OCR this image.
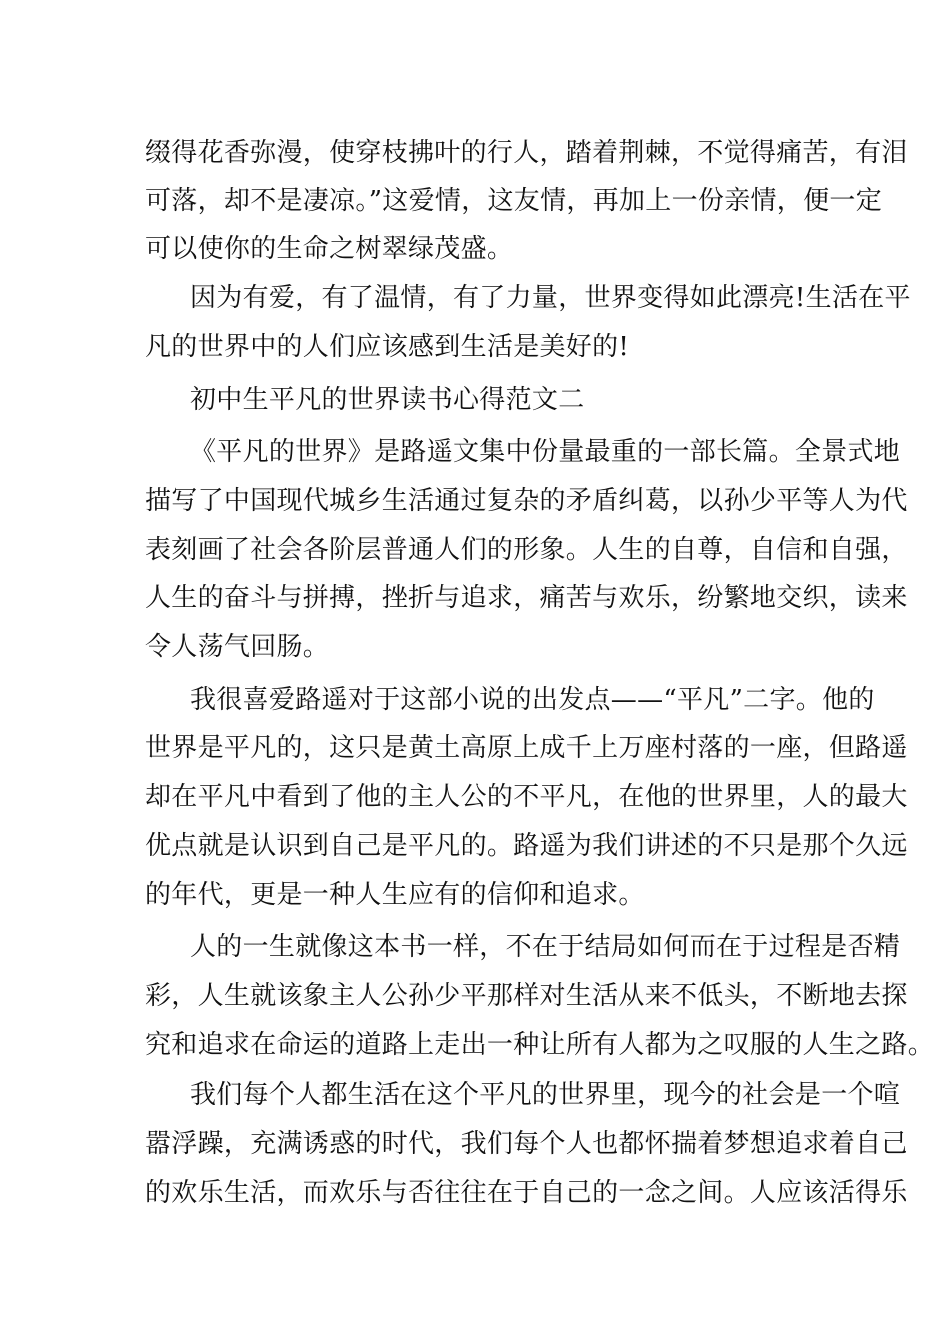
缀得花香弥漫，使穿枝拂叶的行人，踏着荆棘，不觉得痛苦，有泪
可落，却不是凄凉。”这爱情，这友情，再加上一份亲情，便一定
可以使你的生命之树翠绿茂盛。
因为有爱，有了温情，有了力量，世界变得如此漂亮!生活在平
凡的世界中的人们应该感到生活是美好的!
初中生平凡的世界读书心得范文二
《平凡的世界》是路遥文集中份量最重的一部长篇。全景式地
描写了中国现代城乡生活通过复杂的矛盾纠葛，以孙少平等人为代
表刻画了社会各阶层普通人们的形象。人生的自尊，自信和自强，
人生的奋斗与拼搏，挫折与追求，痛苦与欢乐，纷繁地交织，读来
令人荡气回肠。
我很喜爱路遥对于这部小说的出发点——“平凡”二字。他的
世界是平凡的，这只是黄土高原上成千上万座村落的一座，但路遥
却在平凡中看到了他的主人公的不平凡，在他的世界里，人的最大
优点就是认识到自己是平凡的。路遥为我们讲述的不只是那个久远
的年代，更是一种人生应有的信仰和追求。
人的一生就像这本书一样，不在于结局如何而在于过程是否精
彩，人生就该象主人公孙少平那样对生活从来不低头，不断地去探
究和追求在命运的道路上走出一种让所有人都为之叹服的人生之路。
我们每个人都生活在这个平凡的世界里，现今的社会是一个喧
嚣浮躁，充满诱惑的时代，我们每个人也都怀揣着梦想追求着自己
的欢乐生活，而欢乐与否往往在于自己的一念之间。人应该活得乐
